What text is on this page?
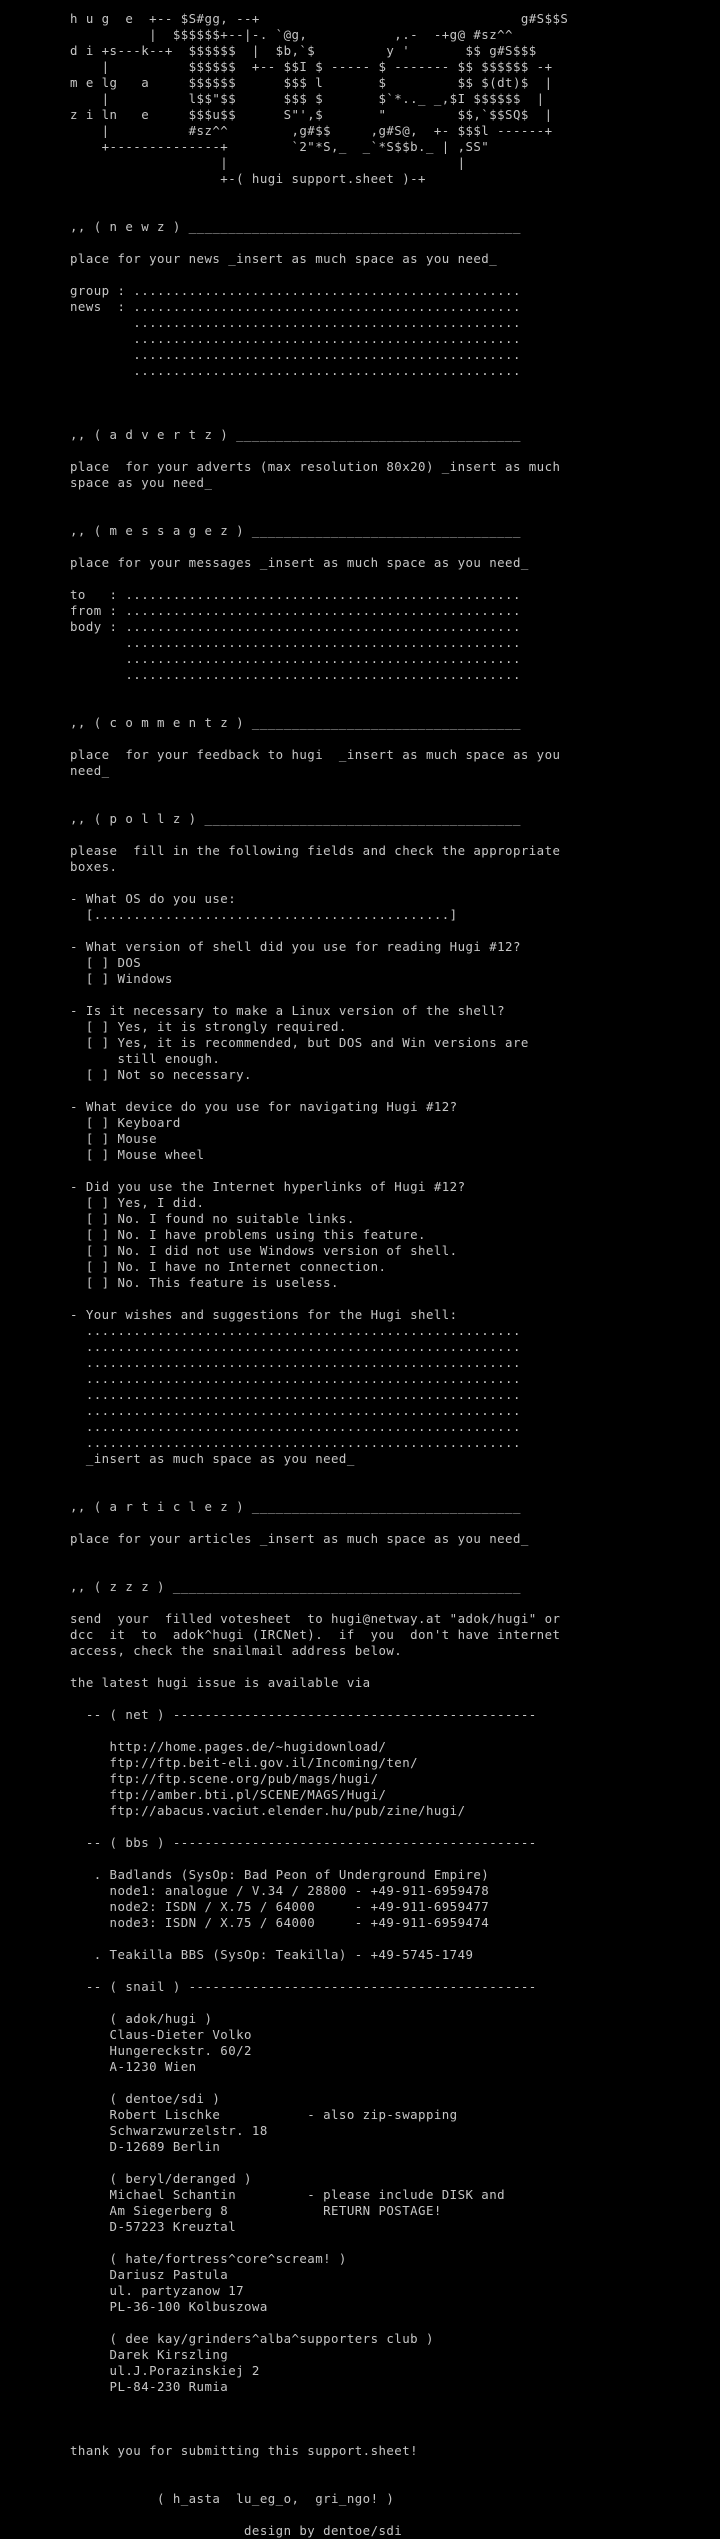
h u g  e  +-- $S#gg, --+                                 g#S$$S
|  $$$$$$+--|-. `@g,           ,.-  -+g@ #sz^^
d i +s---k--+  $$$$$$  |  $b,`$         y '       $$ g#S$$$
|          $$$$$$  +-- $$I $ ----- $ ------- $$ $$$$$$ -+
m e lg   a     $$$$$$      $$$ l       $         $$ $(dt)$  |
|          l$$"$$      $$$ $       $`*.._ _,$I $$$$$$  |
z i ln   e     $$$u$$      S"',$       "         $$,`$$SQ$  |
|          #sz^^        ,g#$$     ,g#S@,  +- $$$l ------+
+--------------+        `2"*S,_  _`*S$$b._ | ,SS"
|                             |
+-( hugi support.sheet )-+
,, ( n e w z ) __________________________________________
place for your news _insert as much space as you need_
group : .................................................
news  : .................................................
.................................................
.................................................
.................................................
.................................................
,, ( a d v e r t z ) ____________________________________
place  for your adverts (max resolution 80x20) _insert as much
space as you need_
,, ( m e s s a g e z ) __________________________________
place for your messages _insert as much space as you need_
to   : ..................................................
from : ..................................................
body : ..................................................
..................................................
..................................................
..................................................
,, ( c o m m e n t z ) __________________________________
place  for your feedback to hugi  _insert as much space as you
need_
,, ( p o l l z ) ________________________________________
please  fill in the following fields and check the appropriate
boxes.
- What OS do you use:
[.............................................]
- What version of shell did you use for reading Hugi #12?
[ ] DOS
[ ] Windows
- Is it necessary to make a Linux version of the shell?
[ ] Yes, it is strongly required.
[ ] Yes, it is recommended, but DOS and Win versions are
still enough.
[ ] Not so necessary.
- What device do you use for navigating Hugi #12?
[ ] Keyboard
[ ] Mouse
[ ] Mouse wheel
- Did you use the Internet hyperlinks of Hugi #12?
[ ] Yes, I did.
[ ] No. I found no suitable links.
[ ] No. I have problems using this feature.
[ ] No. I did not use Windows version of shell.
[ ] No. I have no Internet connection.
[ ] No. This feature is useless.
- Your wishes and suggestions for the Hugi shell:
.......................................................
.......................................................
.......................................................
.......................................................
.......................................................
.......................................................
.......................................................
.......................................................
_insert as much space as you need_
,, ( a r t i c l e z ) __________________________________
place for your articles _insert as much space as you need_
,, ( z z z ) ____________________________________________
send  your  filled votesheet  to hugi@netway.at "adok/hugi" or
dcc  it  to  adok^hugi (IRCNet).  if  you  don't have internet
access, check the snailmail address below.
the latest hugi issue is available via
-- ( net ) ----------------------------------------------
http://home.pages.de/~hugidownload/
ftp://ftp.beit-eli.gov.il/Incoming/ten/
ftp://ftp.scene.org/pub/mags/hugi/
ftp://amber.bti.pl/SCENE/MAGS/Hugi/
ftp://abacus.vaciut.elender.hu/pub/zine/hugi/
-- ( bbs ) ----------------------------------------------
. Badlands (SysOp: Bad Peon of Underground Empire)
node1: analogue / V.34 / 28800 - +49-911-6959478
node2: ISDN / X.75 / 64000     - +49-911-6959477
node3: ISDN / X.75 / 64000     - +49-911-6959474
. Teakilla BBS (SysOp: Teakilla) - +49-5745-1749
-- ( snail ) --------------------------------------------
( adok/hugi )
Claus-Dieter Volko
Hungereckstr. 60/2
A-1230 Wien
( dentoe/sdi )
Robert Lischke           - also zip-swapping
Schwarzwurzelstr. 18
D-12689 Berlin
( beryl/deranged )
Michael Schantin         - please include DISK and
Am Siegerberg 8            RETURN POSTAGE!
D-57223 Kreuztal
( hate/fortress^core^scream! )
Dariusz Pastula
ul. partyzanow 17
PL-36-100 Kolbuszowa
( dee kay/grinders^alba^supporters club )
Darek Kirszling
ul.J.Porazinskiej 2
PL-84-230 Rumia
thank you for submitting this support.sheet!
( h_asta  lu_eg_o,  gri_ngo! )
design by dentoe/sdi
